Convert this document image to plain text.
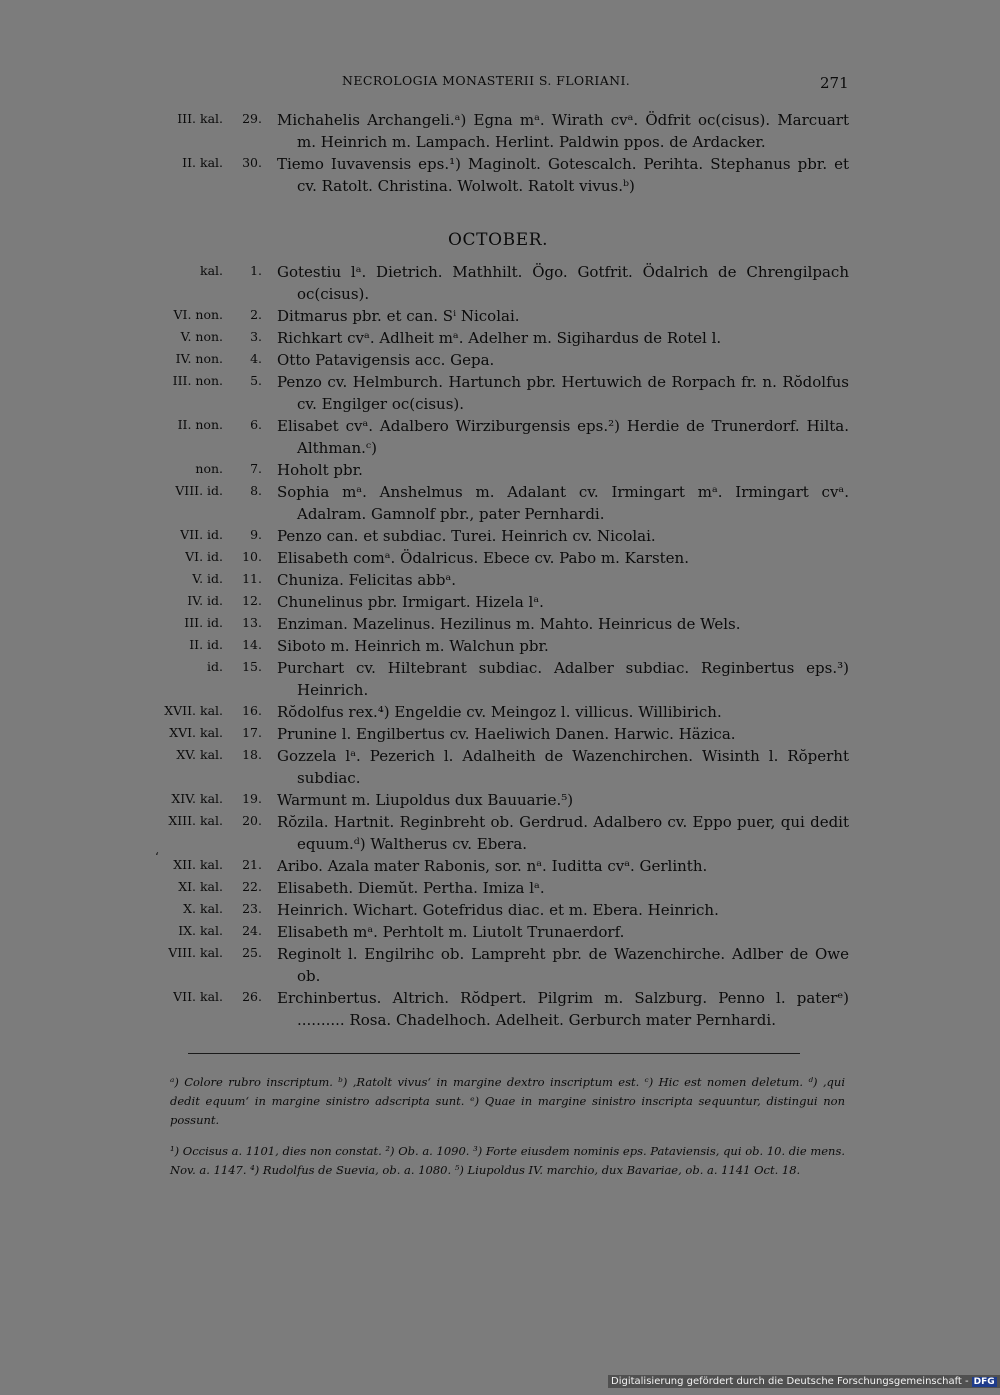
NECROLOGIA MONASTERII S. FLORIANI.	271
III. kal.	29. Michahelis Archangeli.ᵃ) Egna mᵃ. Wirath cvᵃ. Ödfrit oc(cisus). Marcuart m. Heinrich m. Lampach. Herlint. Paldwin ppos. de Ardacker.
II. kal.	30. Tiemo Iuvavensis eps.¹) Maginolt. Gotescalch. Perihta. Stephanus pbr. et cv. Ratolt. Christina. Wolwolt. Ratolt vivus.ᵇ)
OCTOBER.
kal.	1. Gotestiu lᵃ. Dietrich. Mathhilt. Ögo. Gotfrit. Ödalrich de Chrengilpach oc(cisus).
VI. non.	2. Ditmarus pbr. et can. Sⁱ Nicolai.
V. non.	3. Richkart cvᵃ. Adlheit mᵃ. Adelher m. Sigihardus de Rotel l.
IV. non.	4. Otto Patavigensis acc. Gepa.
III. non.	5. Penzo cv. Helmburch. Hartunch pbr. Hertuwich de Rorpach fr. n. Rŏdolfus cv. Engilger oc(cisus).
II. non.	6. Elisabet cvᵃ. Adalbero Wirziburgensis eps.²) Herdie de Trunerdorf. Hilta. Althman.ᶜ)
non.	7. Hoholt pbr.
VIII. id.	8. Sophia mᵃ. Anshelmus m. Adalant cv. Irmingart mᵃ. Irmingart cvᵃ. Adalram. Gamnolf pbr., pater Pernhardi.
VII. id.	9. Penzo can. et subdiac. Turei. Heinrich cv. Nicolai.
VI. id.	10. Elisabeth comᵃ. Ödalricus. Ebece cv. Pabo m. Karsten.
V. id.	11. Chuniza. Felicitas abbᵃ.
IV. id.	12. Chunelinus pbr. Irmigart. Hizela lᵃ.
III. id.	13. Enziman. Mazelinus. Hezilinus m. Mahto. Heinricus de Wels.
II. id.	14. Siboto m. Heinrich m. Walchun pbr.
id.	15. Purchart cv. Hiltebrant subdiac. Adalber subdiac. Reginbertus eps.³) Heinrich.
XVII. kal.	16. Rŏdolfus rex.⁴) Engeldie cv. Meingoz l. villicus. Willibirich.
XVI. kal.	17. Prunine l. Engilbertus cv. Haeliwich Danen. Harwic. Häzica.
XV. kal.	18. Gozzela lᵃ. Pezerich l. Adalheith de Wazenchirchen. Wisinth l. Rŏperht subdiac.
XIV. kal.	19. Warmunt m. Liupoldus dux Bauuarie.⁵)
XIII. kal.	20. Rŏzila. Hartnit. Reginbreht ob. Gerdrud. Adalbero cv. Eppo puer, qui dedit equum.ᵈ) Waltherus cv. Ebera.
XII. kal.	21. Aribo. Azala mater Rabonis, sor. nᵃ. Iuditta cvᵃ. Gerlinth.
XI. kal.	22. Elisabeth. Diemŭt. Pertha. Imiza lᵃ.
X. kal.	23. Heinrich. Wichart. Gotefridus diac. et m. Ebera. Heinrich.
IX. kal.	24. Elisabeth mᵃ. Perhtolt m. Liutolt Trunaerdorf.
VIII. kal.	25. Reginolt l. Engilrihc ob. Lampreht pbr. de Wazenchirche. Adlber de Owe ob.
VII. kal.	26. Erchinbertus. Altrich. Rŏdpert. Pilgrim m. Salzburg. Penno l. paterᵉ) .......... Rosa. Chadelhoch. Adelheit. Gerburch mater Pernhardi.
‘
ᵃ) Colore rubro inscriptum. ᵇ) ‚Ratolt vivus‘ in margine dextro inscriptum est. ᶜ) Hic est nomen deletum. ᵈ) ‚qui dedit equum‘ in margine sinistro adscripta sunt. ᵉ) Quae in margine sinistro inscripta sequuntur, distingui non possunt.
¹) Occisus a. 1101, dies non constat. ²) Ob. a. 1090. ³) Forte eiusdem nominis eps. Pataviensis, qui ob. 10. die mens. Nov. a. 1147. ⁴) Rudolfus de Suevia, ob. a. 1080. ⁵) Liupoldus IV. marchio, dux Bavariae, ob. a. 1141 Oct. 18.
Digitalisierung gefördert durch die Deutsche Forschungsgemeinschaft - DFG
